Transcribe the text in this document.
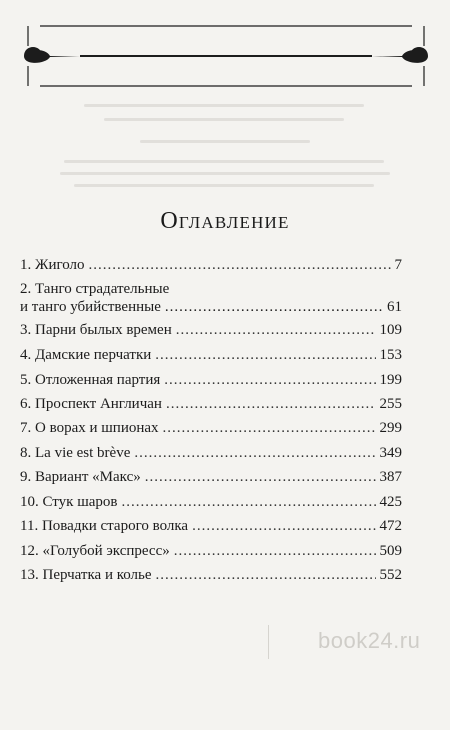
Оглавление
1. Жиголо .....	7
2. Танго страдательные
и танго убийственные .....	61
3. Парни былых времен .....	109
4. Дамские перчатки .....	153
5. Отложенная партия .....	199
6. Проспект Англичан .....	255
7. О ворах и шпионах .....	299
8. La vie est brève .....	349
9. Вариант «Макс» .....	387
10. Стук шаров .....	425
11. Повадки старого волка .....	472
12. «Голубой экспресс» .....	509
13. Перчатка и колье .....	552
book24.ru
